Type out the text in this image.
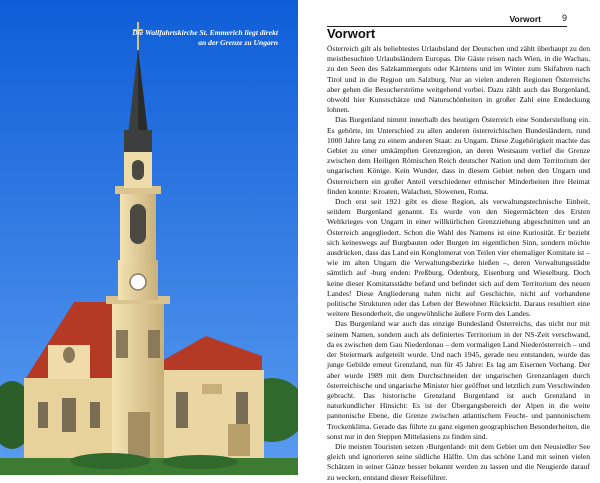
Die Wallfahrtskirche St. Emmerich liegt direkt
an der Grenze zu Ungarn
Vorwort 9
Vorwort

Österreich gilt als beliebtestes Urlaubsland der Deutschen und zählt überhaupt zu den meistbesuchten Urlaubsländern Europas. Die Gäste reisen nach Wien, in die Wachau, zu den Seen des Salzkammerguts oder Kärntens und im Winter zum Skifahren nach Tirol und in die Region um Salzburg. Nur an vielen anderen Regionen Österreichs aber gehen die Besucherströme weitgehend vorbei. Dazu zählt auch das Burgenland, obwohl hier Kunstschätze und Naturschönheiten in großer Zahl eine Entdeckung lohnen.

Das Burgenland nimmt innerhalb des heutigen Österreich eine Sonderstellung ein. Es gehörte, im Unterschied zu allen anderen österreichischen Bundesländern, rund 1000 Jahre lang zu einem anderen Staat: zu Ungarn. Diese Zugehörigkeit machte das Gebiet zu einer umkämpften Grenzregion, an deren Westsaum verlief die Grenze zwischen dem Heiligen Römischen Reich deutscher Nation und dem Territorium der ungarischen Könige. Kein Wunder, dass in diesem Gebiet neben den Ungarn und Österreichern ein großer Anteil verschiedener ethnischer Minderheiten ihre Heimat finden konnte: Kroaten, Walachen, Slowenen, Roma.

Doch erst seit 1921 gibt es diese Region, als verwaltungstechnische Einheit, seitdem Burgenland genannt. Es wurde von den Siegermächten des Ersten Weltkrieges von Ungarn in einer willkürlichen Grenzziehung abgeschnitten und an Österreich angegliedert. Schon die Wahl des Namens ist eine Kuriosität. Er bezieht sich keineswegs auf Burgbauten oder Burgen im eigentlichen Sinn, sondern möchte ausdrücken, dass das Land ein Konglomerat von Teilen vier ehemaliger Komitate ist – wie im alten Ungarn die Verwaltungsbezirke hießen –, deren Verwaltungsstädte sämtlich auf -burg enden: Preßburg, Ödenburg, Eisenburg und Wieselburg. Doch keine dieser Komitatsstädte befand und befindet sich auf dem Territorium des neuen Landes! Diese Angliederung nahm nicht auf Geschichte, nicht auf vorhandene politische Strukturen oder das Leben der Bewohner Rücksicht. Daraus resultiert eine weitere Besonderheit, die ungewöhnliche äußere Form des Landes.

Das Burgenland war auch das einzige Bundesland Österreichs, das nicht nur mit seinem Namen, sondern auch als definiertes Territorium in der NS-Zeit verschwand, da es zwischen dem Gau Niederdonau – dem vormaligen Land Niederösterreich – und der Steiermark aufgeteilt wurde. Und nach 1945, gerade neu entstanden, wurde das junge Gebilde erneut Grenzland, nun für 45 Jahre: Es lag am Eisernen Vorhang. Der aber wurde 1989 mit dem Durchschneiden der ungarischen Grenzanlagen durch österreichische und ungarische Minister hier geöffnet und letztlich zum Verschwinden gebracht. Das historische Grenzland Burgenland ist auch Grenzland in naturkundlicher Hinsicht: Es ist der Übergangsbereich der Alpen in die weite pannonische Ebene, die Grenze zwischen atlantischem Feucht- und pannonischem Trockenklima. Gerade das führte zu ganz eigenen geographischen Besonderheiten, die sonst nur in den Steppen Mittelasiens zu finden sind.

Die meisten Touristen setzen ›Burgenland‹ mit dem Gebiet um den Neusiedler See gleich und ignorieren seine südliche Hälfte. Um das schöne Land mit seinen vielen Schätzen in seiner Gänze besser bekannt werden zu lassen und die Neugierde darauf zu wecken, entstand dieser Reiseführer.
